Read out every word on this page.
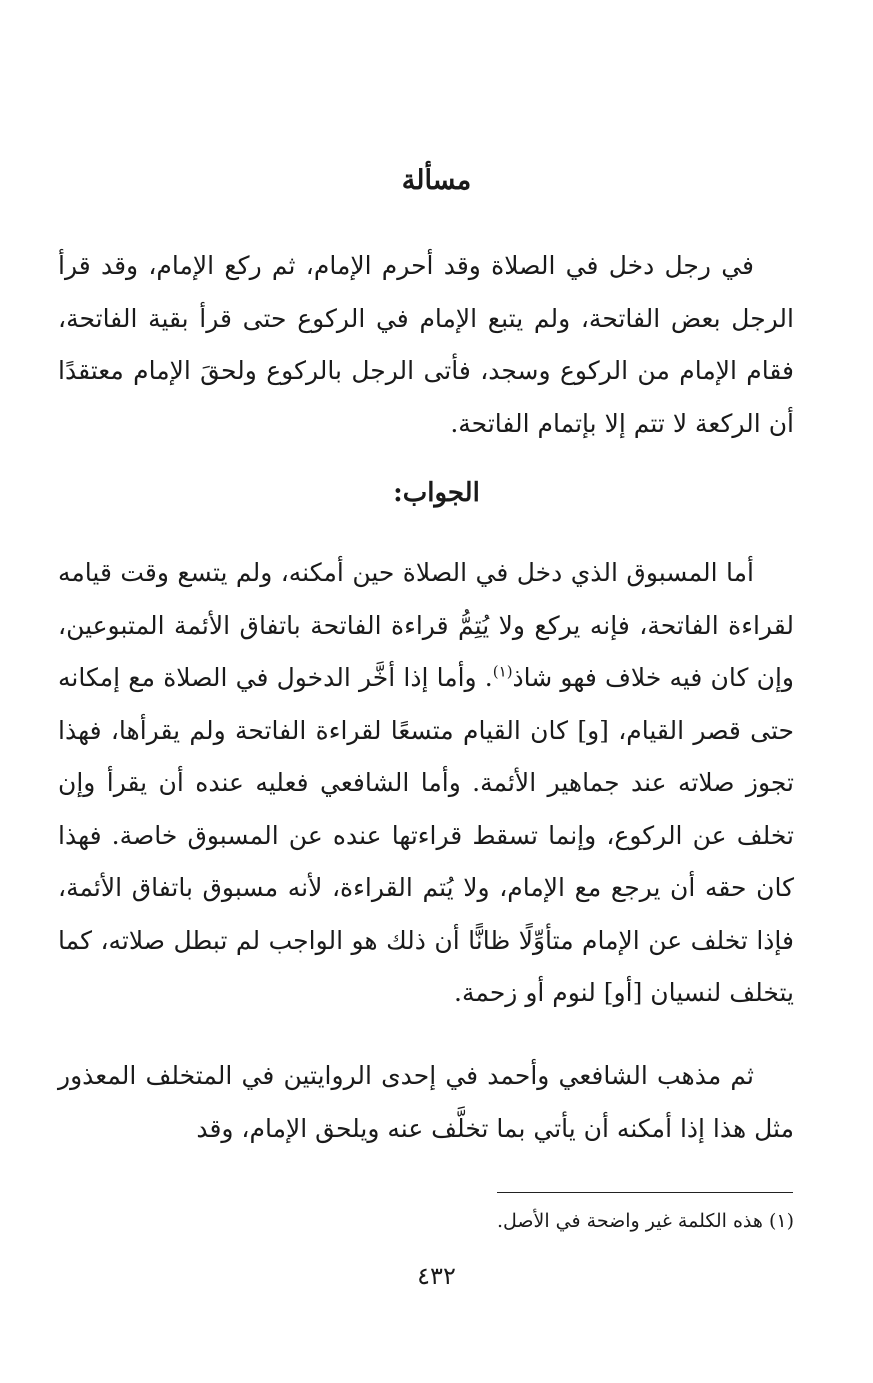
مسألة

في رجل دخل في الصلاة وقد أحرم الإمام، ثم ركع الإمام، وقد قرأ الرجل بعض الفاتحة، ولم يتبع الإمام في الركوع حتى قرأ بقية الفاتحة، فقام الإمام من الركوع وسجد، فأتى الرجل بالركوع ولحقَ الإمام معتقدًا أن الركعة لا تتم إلا بإتمام الفاتحة.

الجواب:

أما المسبوق الذي دخل في الصلاة حين أمكنه، ولم يتسع وقت قيامه لقراءة الفاتحة، فإنه يركع ولا يُتِمُّ قراءة الفاتحة باتفاق الأئمة المتبوعين، وإن كان فيه خلاف فهو شاذ$^{(١)}$. وأما إذا أخَّر الدخول في الصلاة مع إمكانه حتى قصر القيام، [و] كان القيام متسعًا لقراءة الفاتحة ولم يقرأها، فهذا تجوز صلاته عند جماهير الأئمة. وأما الشافعي فعليه عنده أن يقرأ وإن تخلف عن الركوع، وإنما تسقط قراءتها عنده عن المسبوق خاصة. فهذا كان حقه أن يرجع مع الإمام، ولا يُتم القراءة، لأنه مسبوق باتفاق الأئمة، فإذا تخلف عن الإمام متأوِّلًا ظانًّا أن ذلك هو الواجب لم تبطل صلاته، كما يتخلف لنسيان [أو] لنوم أو زحمة.

ثم مذهب الشافعي وأحمد في إحدى الروايتين في المتخلف المعذور مثل هذا إذا أمكنه أن يأتي بما تخلَّف عنه ويلحق الإمام، وقد

(١) هذه الكلمة غير واضحة في الأصل.

٤٣٢
